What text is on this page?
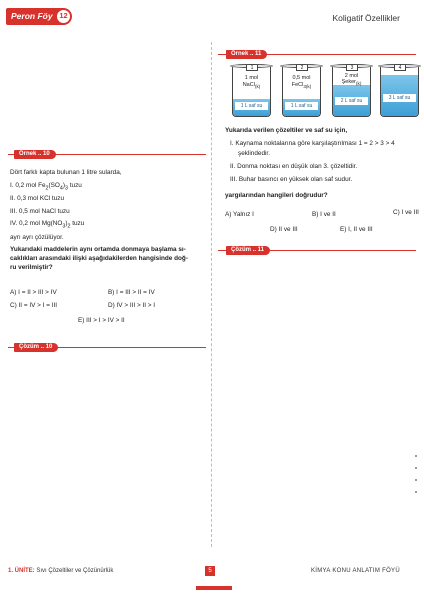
Peron Föy 12	Koligatif Özellikler
Örnek .. 10
Dört farklı kapta bulunan 1 litre sularda,
I. 0,2 mol $Fe_2(SO_4)_3$ tuzu
II. 0,3 mol KCl tuzu
III. 0,5 mol NaCl tuzu
IV. 0,2 mol $Mg(NO_3)_2$ tuzu
ayrı ayrı çözülüyor.
Yukarıdaki maddelerin aynı ortamda donmaya başlama sı-
caklıkları arasındaki ilişki aşağıdakilerden hangisinde doğ-
ru verilmiştir?
A) I = II > III > IV	B) I = III > II = IV
C) II = IV > I = III	D) IV > III > II > I
E) III > I > IV > II
Çözüm .. 10
Örnek .. 11
1
1 mol
NaCl$_{(k)}$
1 L saf su
2
0,5 mol
FeCl$_{3(k)}$
1 L saf su
3
2 mol
Şeker$_{(k)}$
2 L saf su
4
3 L saf su
Yukarıda verilen çözeltiler ve saf su için,
I. Kaynama noktalarına göre karşılaştırılması 1 = 2 > 3 > 4
şeklindedir.
II. Donma noktası en düşük olan 3. çözeltidir.
III. Buhar basıncı en yüksek olan saf sudur.
yargılarından hangileri doğrudur?
A) Yalnız I	B) I ve II	C) I ve III
D) II ve III	E) I, II ve III
Çözüm .. 11
1. ÜNİTE: Sıvı Çözeltiler ve Çözünürlük	5	KİMYA KONU ANLATIM FÖYÜ
